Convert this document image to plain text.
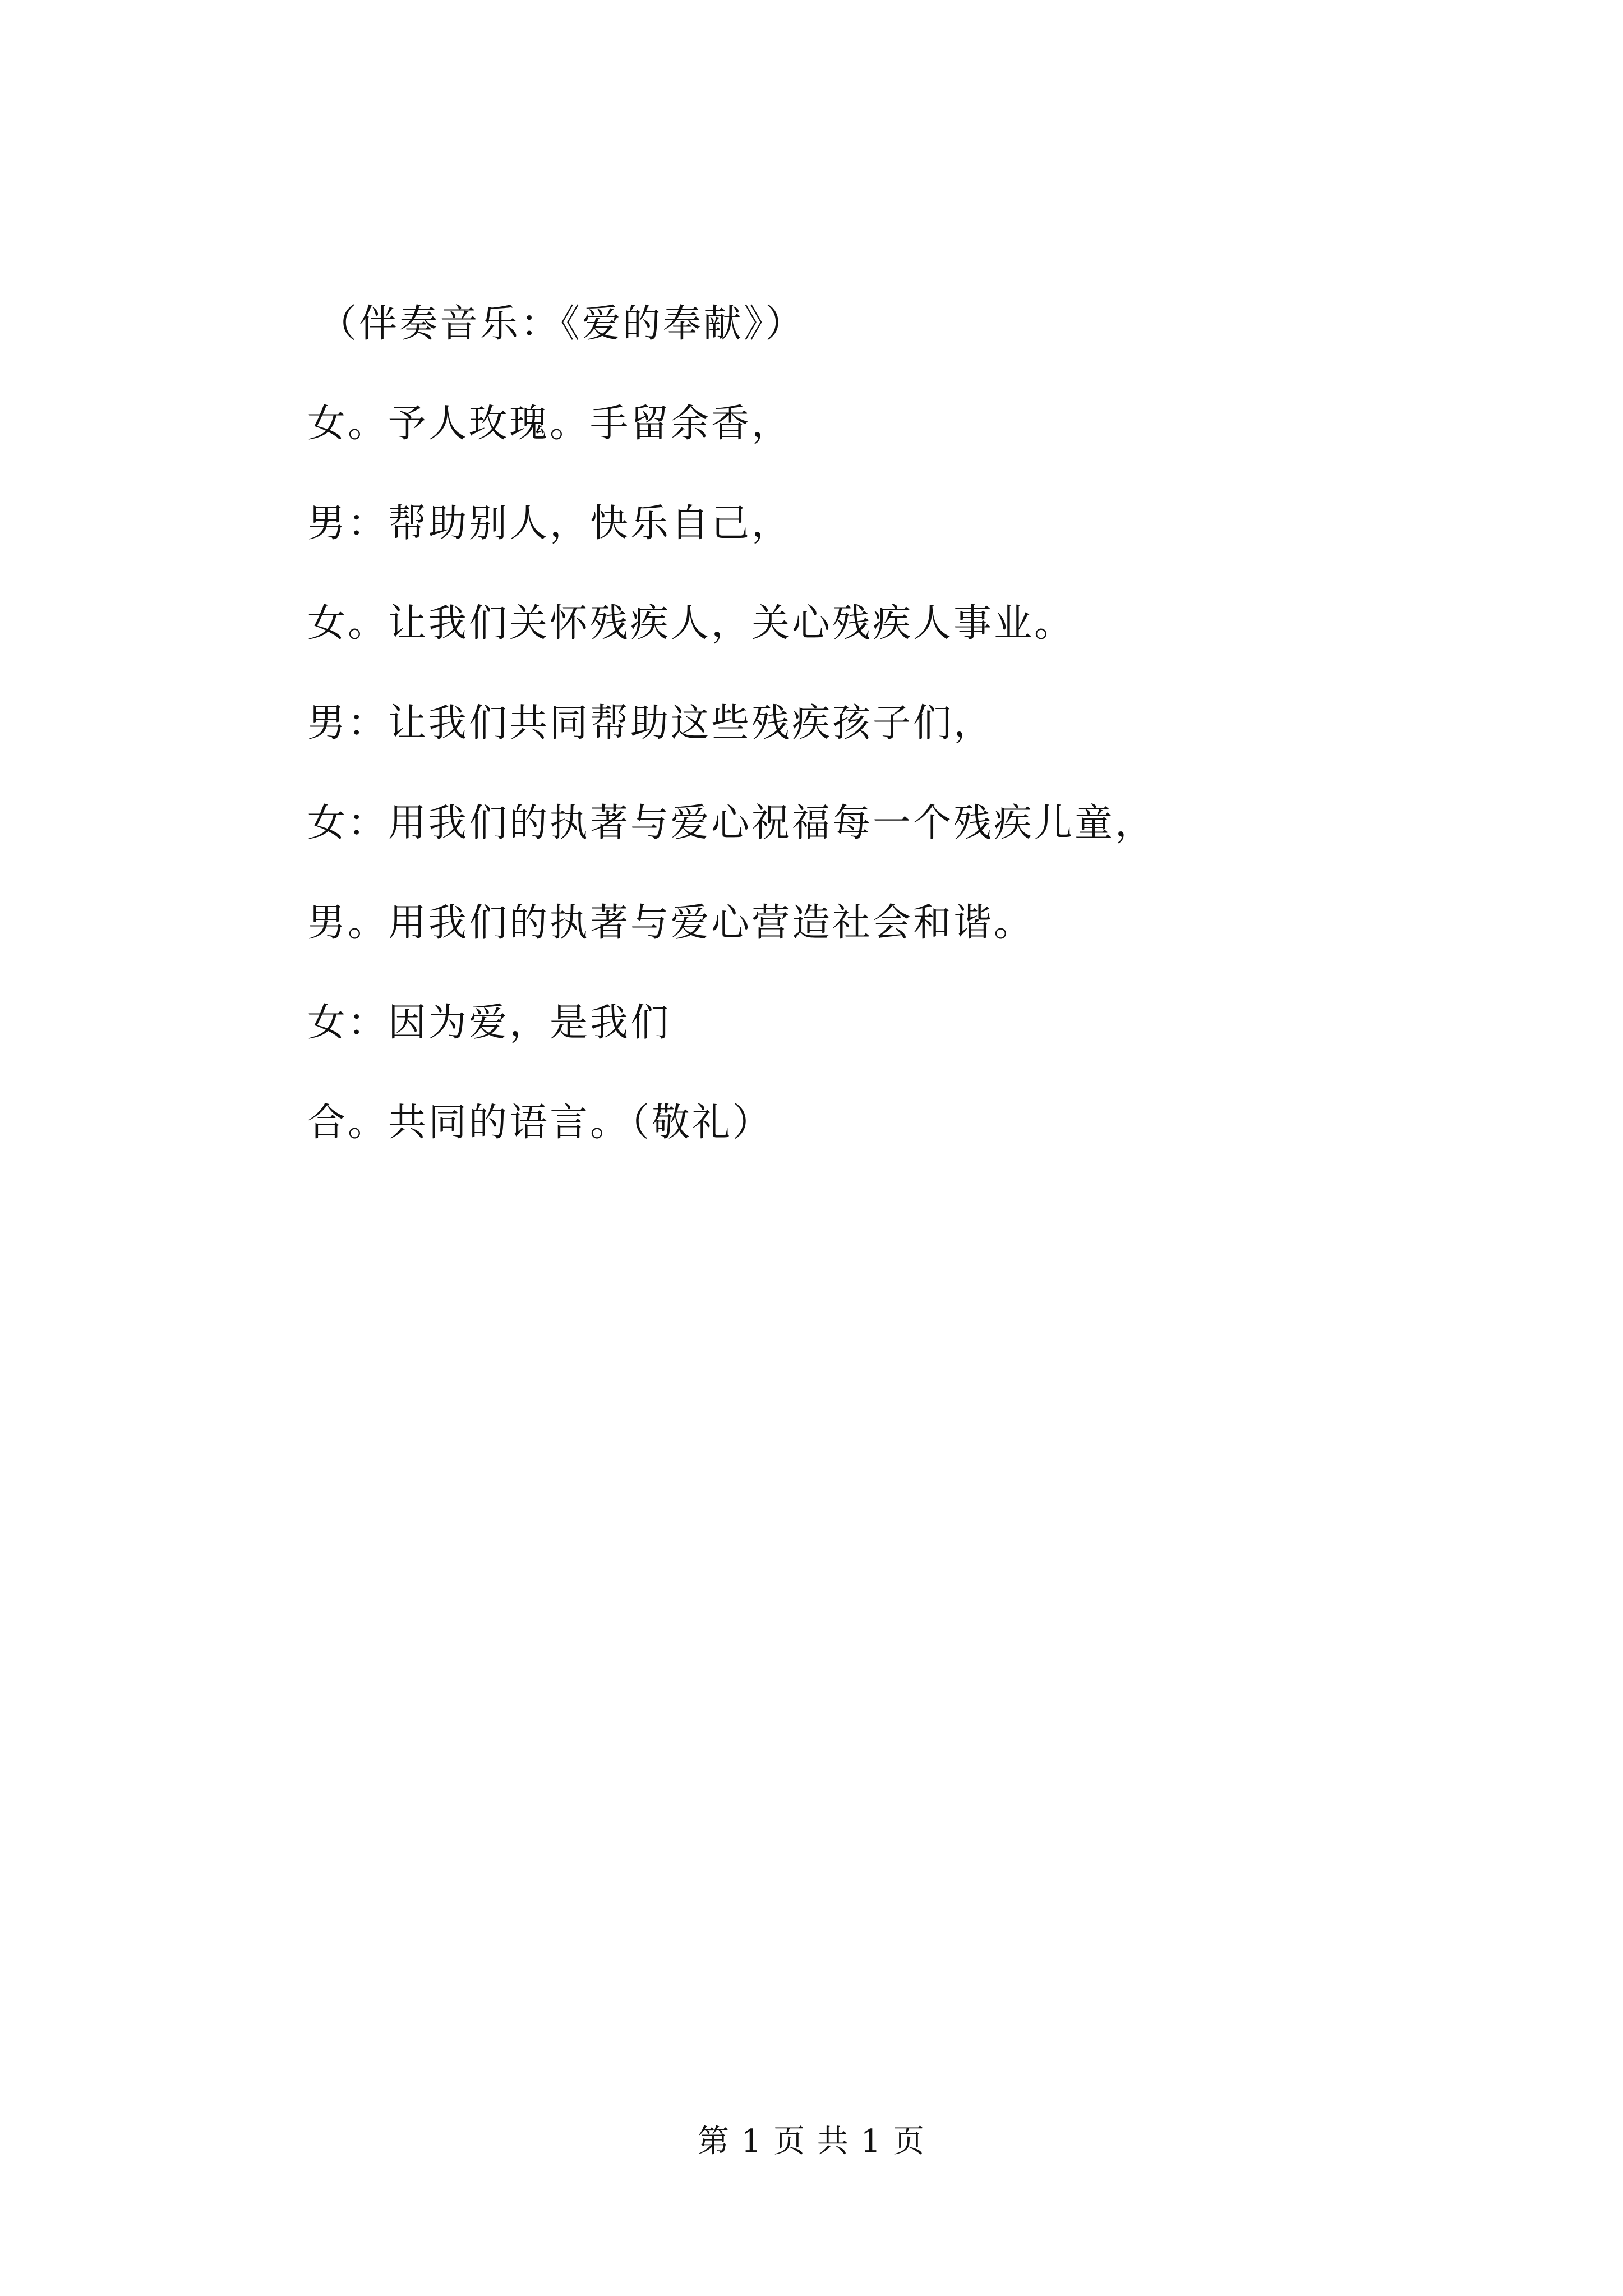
（伴奏音乐：《爱的奉献》）
女。予人玫瑰。手留余香，
男：帮助别人，快乐自己，
女。让我们关怀残疾人，关心残疾人事业。
男：让我们共同帮助这些残疾孩子们，
女：用我们的执著与爱心祝福每一个残疾儿童，
男。用我们的执著与爱心营造社会和谐。
女：因为爱，是我们
合。共同的语言。（敬礼）
第 1 页 共 1 页
